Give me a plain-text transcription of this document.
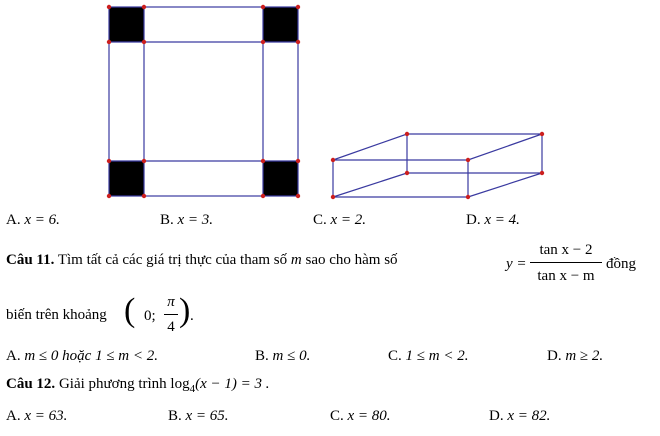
A. x = 6.	B. x = 3.	C. x = 2.	D. x = 4.
Câu 11. Tìm tất cả các giá trị thực của tham số m sao cho hàm số	y =
tan x − 2
tan x − m
đồng
biến trên khoảng ( 0;
π
4 ) .
A. m ≤ 0 hoặc 1 ≤ m < 2.	B. m ≤ 0.	C. 1 ≤ m < 2.	D. m ≥ 2.
Câu 12. Giải phương trình $\log_4(x - 1) = 3$ .
A. x = 63.	B. x = 65.	C. x = 80.	D. x = 82.
